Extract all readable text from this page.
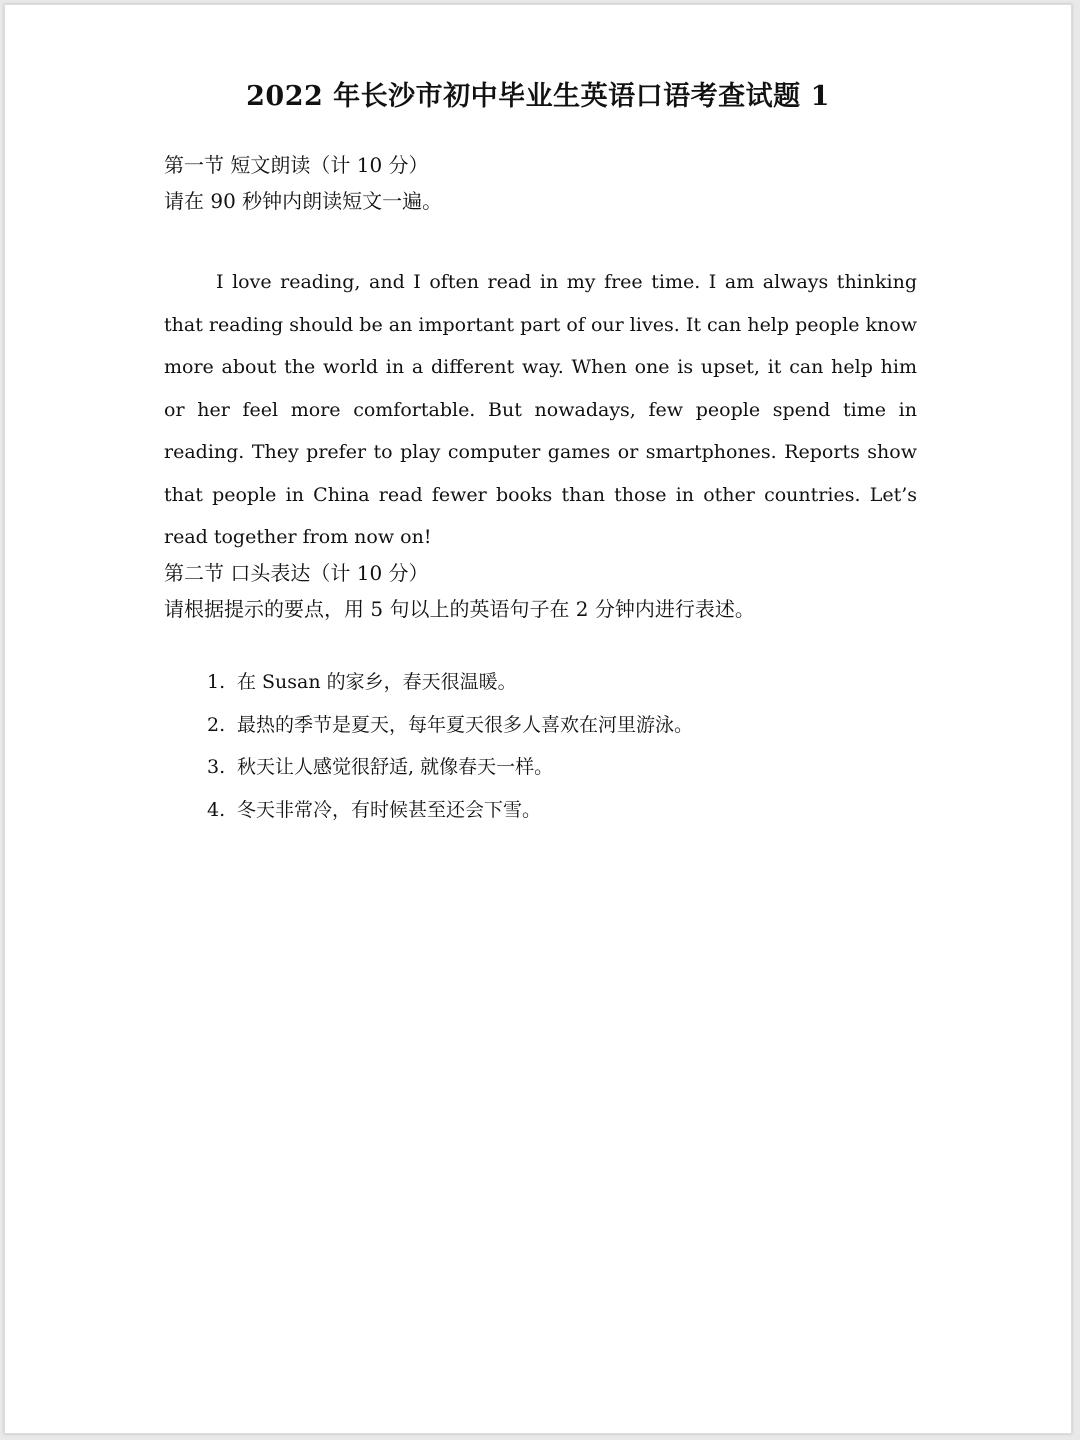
2022 年长沙市初中毕业生英语口语考查试题 1
第一节 短文朗读（计 10 分）
请在 90 秒钟内朗读短文一遍。

I love reading, and I often read in my free time. I am always thinking that reading should be an important part of our lives. It can help people know more about the world in a different way. When one is upset, it can help him or her feel more comfortable. But nowadays, few people spend time in reading. They prefer to play computer games or smartphones. Reports show that people in China read fewer books than those in other countries. Let’s read together from now on!

第二节 口头表达（计 10 分）
请根据提示的要点，用 5 句以上的英语句子在 2 分钟内进行表述。
1. 在 Susan 的家乡，春天很温暖。
2. 最热的季节是夏天，每年夏天很多人喜欢在河里游泳。
3. 秋天让人感觉很舒适, 就像春天一样。
4. 冬天非常冷，有时候甚至还会下雪。
